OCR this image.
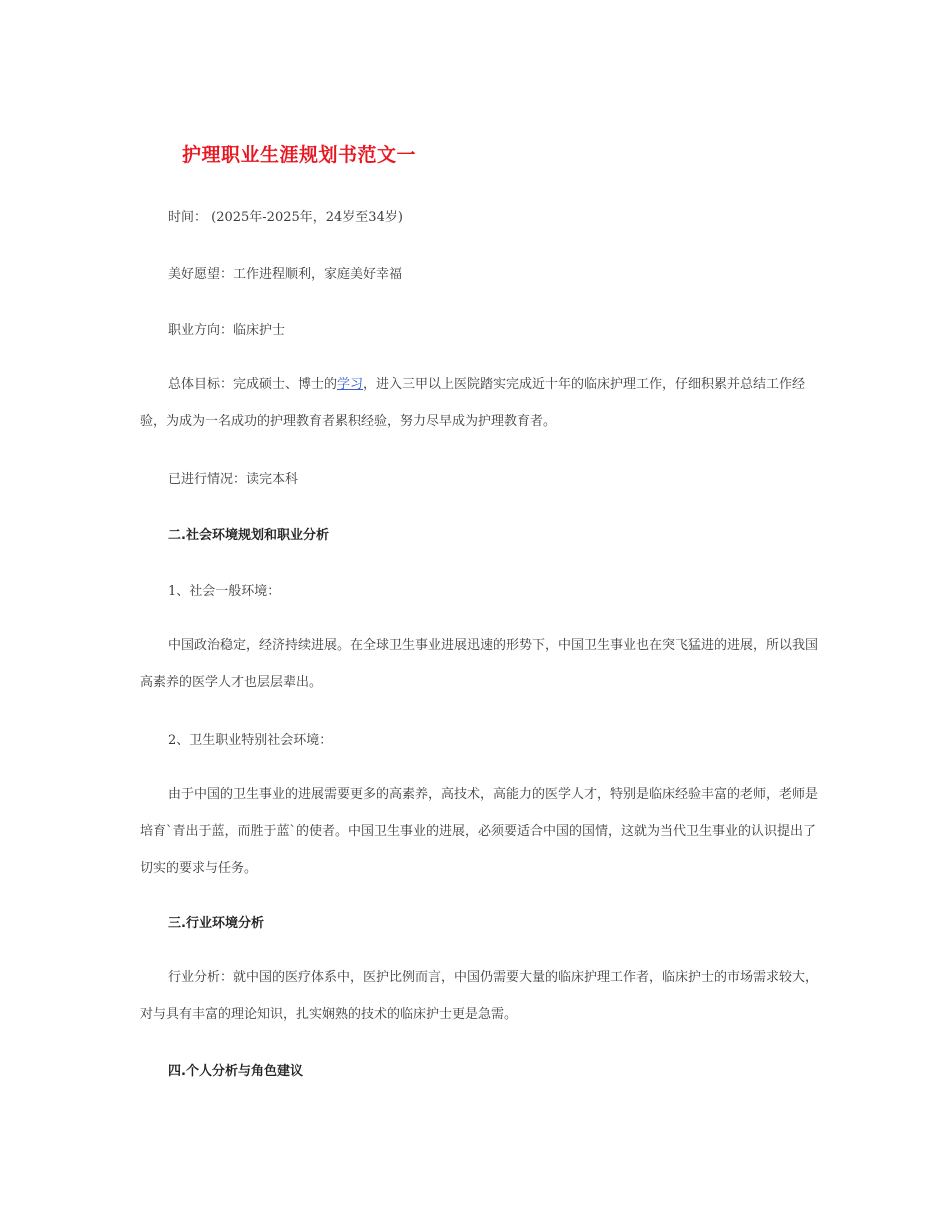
护理职业生涯规划书范文一
时间： (2025年-2025年，24岁至34岁)
美好愿望：工作进程顺利，家庭美好幸福
职业方向：临床护士
总体目标：完成硕士、博士的学习，进入三甲以上医院踏实完成近十年的临床护理工作，仔细积累并总结工作经验，为成为一名成功的护理教育者累积经验，努力尽早成为护理教育者。
已进行情况：读完本科
二.社会环境规划和职业分析
1、社会一般环境：
中国政治稳定，经济持续进展。在全球卫生事业进展迅速的形势下，中国卫生事业也在突飞猛进的进展，所以我国高素养的医学人才也层层辈出。
2、卫生职业特别社会环境：
由于中国的卫生事业的进展需要更多的高素养，高技术，高能力的医学人才，特别是临床经验丰富的老师，老师是培育`青出于蓝，而胜于蓝`的使者。中国卫生事业的进展，必须要适合中国的国情，这就为当代卫生事业的认识提出了切实的要求与任务。
三.行业环境分析
行业分析：就中国的医疗体系中，医护比例而言，中国仍需要大量的临床护理工作者，临床护士的市场需求较大，对与具有丰富的理论知识，扎实娴熟的技术的临床护士更是急需。
四.个人分析与角色建议
